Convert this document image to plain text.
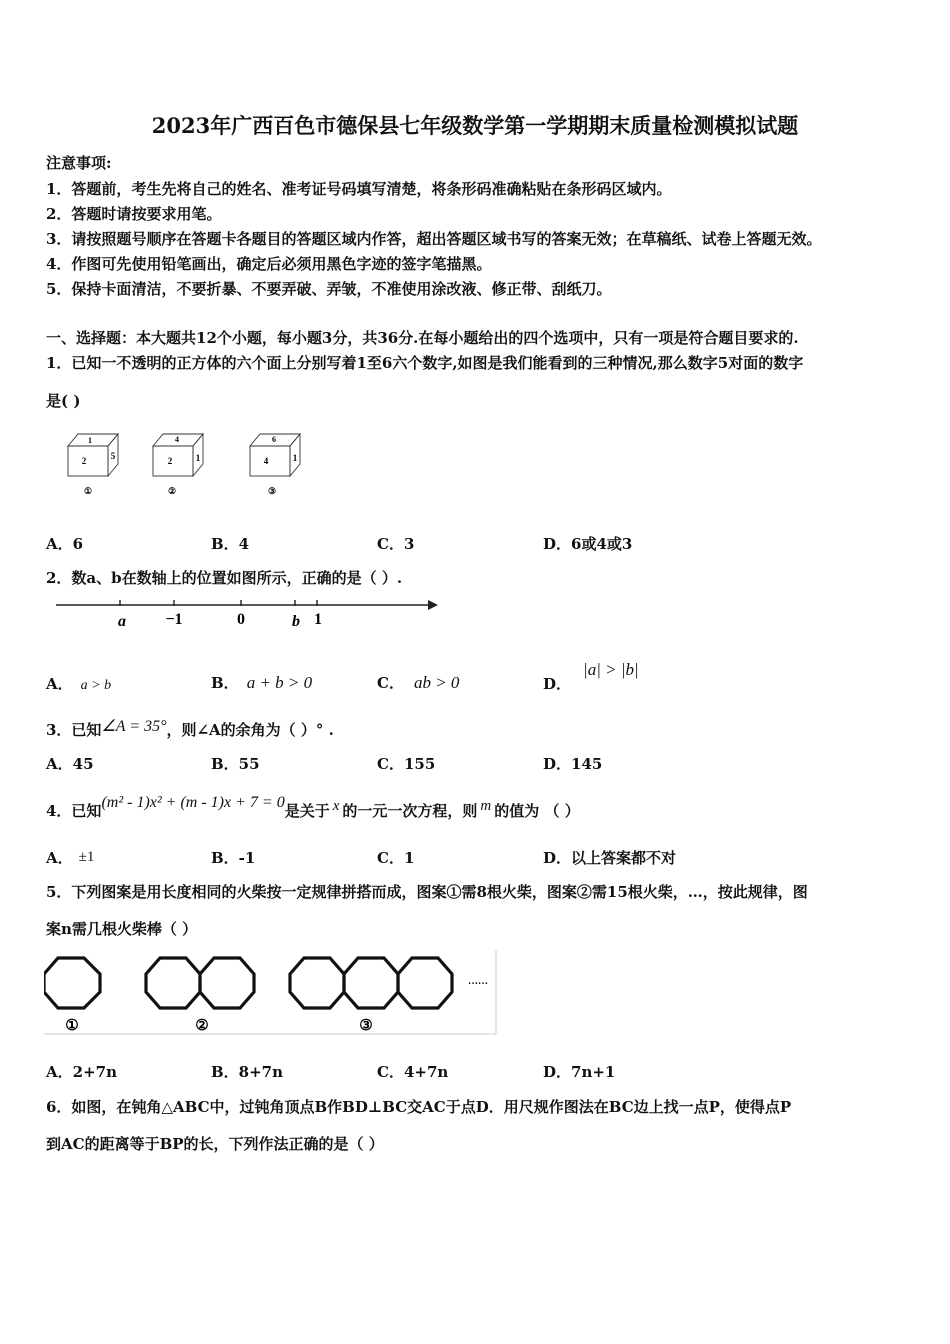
2023年广西百色市德保县七年级数学第一学期期末质量检测模拟试题
注意事项:
1．答题前，考生先将自己的姓名、准考证号码填写清楚，将条形码准确粘贴在条形码区域内。
2．答题时请按要求用笔。
3．请按照题号顺序在答题卡各题目的答题区域内作答，超出答题区域书写的答案无效；在草稿纸、试卷上答题无效。
4．作图可先使用铅笔画出，确定后必须用黑色字迹的签字笔描黑。
5．保持卡面清洁，不要折暴、不要弄破、弄皱，不准使用涂改液、修正带、刮纸刀。
一、选择题：本大题共12个小题，每小题3分，共36分.在每小题给出的四个选项中，只有一项是符合题目要求的.
1．已知一不透明的正方体的六个面上分别写着1至6六个数字,如图是我们能看到的三种情况,那么数字5对面的数字
是( )
1
2	5
①
4
2	1
②
6
4	1
③
A．6	B．4	C．3	D．6或4或3
2．数a、b在数轴上的位置如图所示，正确的是（ ）.
a −1	0	b 1
A． a > b	B． a + b > 0	C． ab > 0	D．|a| > |b|
3．已知∠A = 35°，则∠A的余角为（ ）° .
A．45	B．55	C．155	D．145
4．已知(m² - 1)x² + (m - 1)x + 7 = 0是关于 x 的一元一次方程，则 m 的值为 （ ）
A． ±1	B．-1	C．1	D．以上答案都不对
5．下列图案是用长度相同的火柴按一定规律拼搭而成，图案①需8根火柴，图案②需15根火柴，…，按此规律，图
案n需几根火柴棒（ ）
……
①	②	③
A．2+7n	B．8+7n	C．4+7n	D．7n+1
6．如图，在钝角△ABC中，过钝角顶点B作BD⊥BC交AC于点D．用尺规作图法在BC边上找一点P，使得点P
到AC的距离等于BP的长，下列作法正确的是（ ）
